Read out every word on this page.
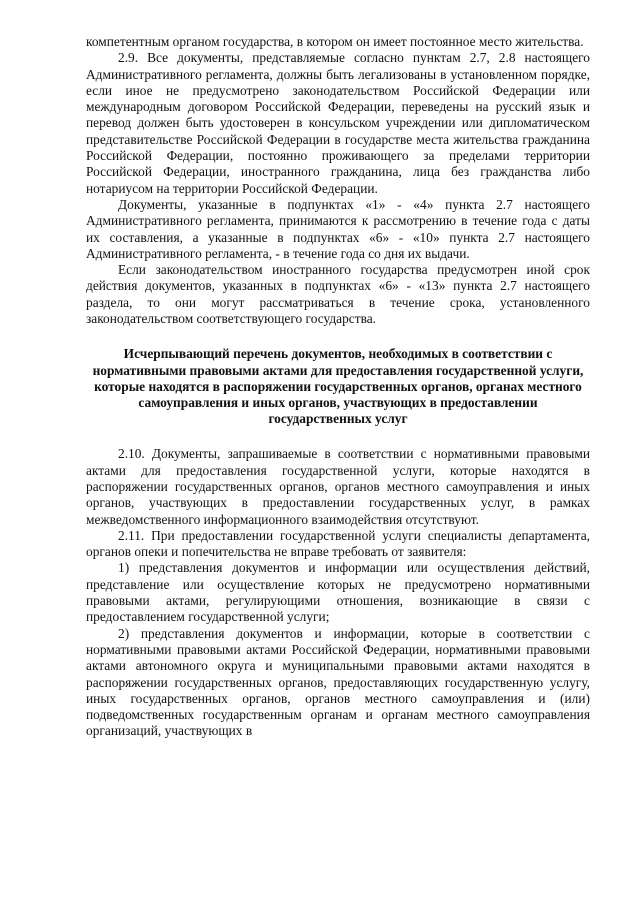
компетентным органом государства, в котором он имеет постоянное место жительства.

2.9. Все документы, представляемые согласно пунктам 2.7, 2.8 настоящего Административного регламента, должны быть легализованы в установленном порядке, если иное не предусмотрено законодательством Российской Федерации или международным договором Российской Федерации, переведены на русский язык и перевод должен быть удостоверен в консульском учреждении или дипломатическом представительстве Российской Федерации в государстве места жительства гражданина Российской Федерации, постоянно проживающего за пределами территории Российской Федерации, иностранного гражданина, лица без гражданства либо нотариусом на территории Российской Федерации.

Документы, указанные в подпунктах «1» - «4» пункта 2.7 настоящего Административного регламента, принимаются к рассмотрению в течение года с даты их составления, а указанные в подпунктах «6» - «10» пункта 2.7 настоящего Административного регламента, - в течение года со дня их выдачи.

Если законодательством иностранного государства предусмотрен иной срок действия документов, указанных в подпунктах «6» - «13» пункта 2.7 настоящего раздела, то они могут рассматриваться в течение срока, установленного законодательством соответствующего государства.

Исчерпывающий перечень документов, необходимых в соответствии с нормативными правовыми актами для предоставления государственной услуги, которые находятся в распоряжении государственных органов, органах местного самоуправления и иных органов, участвующих в предоставлении государственных услуг

2.10. Документы, запрашиваемые в соответствии с нормативными правовыми актами для предоставления государственной услуги, которые находятся в распоряжении государственных органов, органов местного самоуправления и иных органов, участвующих в предоставлении государственных услуг, в рамках межведомственного информационного взаимодействия отсутствуют.

2.11. При предоставлении государственной услуги специалисты департамента, органов опеки и попечительства не вправе требовать от заявителя:

1) представления документов и информации или осуществления действий, представление или осуществление которых не предусмотрено нормативными правовыми актами, регулирующими отношения, возникающие в связи с предоставлением государственной услуги;

2) представления документов и информации, которые в соответствии с нормативными правовыми актами Российской Федерации, нормативными правовыми актами автономного округа и муниципальными правовыми актами находятся в распоряжении государственных органов, предоставляющих государственную услугу, иных государственных органов, органов местного самоуправления и (или) подведомственных государственным органам и органам местного самоуправления организаций, участвующих в
